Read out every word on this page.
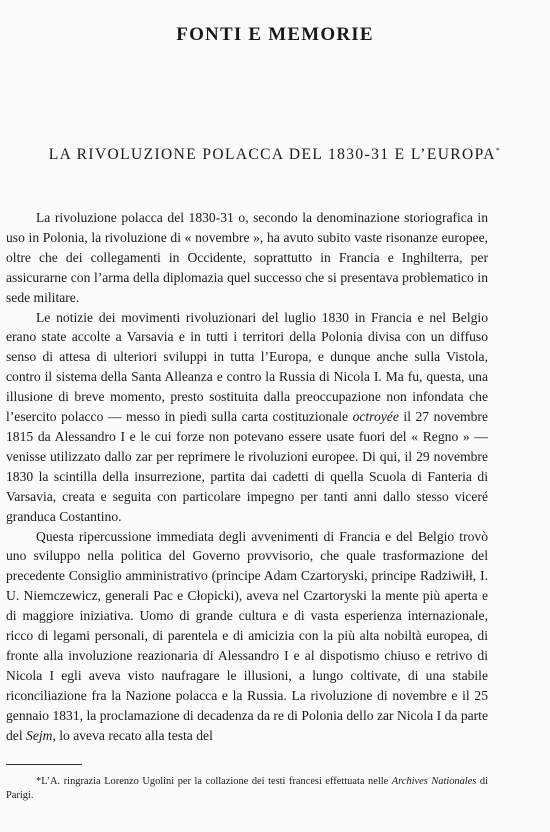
FONTI E MEMORIE
LA RIVOLUZIONE POLACCA DEL 1830-31 E L’EUROPA*

La rivoluzione polacca del 1830-31 o, secondo la denominazione storiografica in uso in Polonia, la rivoluzione di « novembre », ha avuto subito vaste risonanze europee, oltre che dei collegamenti in Occidente, soprattutto in Francia e Inghilterra, per assicurarne con l’arma della diplomazia quel successo che si presentava problematico in sede militare.

Le notizie dei movimenti rivoluzionari del luglio 1830 in Francia e nel Belgio erano state accolte a Varsavia e in tutti i territori della Polonia divisa con un diffuso senso di attesa di ulteriori sviluppi in tutta l’Europa, e dunque anche sulla Vistola, contro il sistema della Santa Alleanza e contro la Russia di Nicola I. Ma fu, questa, una illusione di breve momento, presto sostituita dalla preoccupazione non infondata che l’esercito polacco — messo in piedi sulla carta costituzionale octroyée il 27 novembre 1815 da Alessandro I e le cui forze non potevano essere usate fuori del « Regno » — venisse utilizzato dallo zar per reprimere le rivoluzioni europee. Di qui, il 29 novembre 1830 la scintilla della insurrezione, partita dai cadetti di quella Scuola di Fanteria di Varsavia, creata e seguita con particolare impegno per tanti anni dallo stesso viceré granduca Costantino.

Questa ripercussione immediata degli avvenimenti di Francia e del Belgio trovò uno sviluppo nella politica del Governo provvisorio, che quale trasformazione del precedente Consiglio amministrativo (principe Adam Czartoryski, principe Radziwiłł, I. U. Niemczewicz, generali Pac e Cłopicki), aveva nel Czartoryski la mente più aperta e di maggiore iniziativa. Uomo di grande cultura e di vasta esperienza internazionale, ricco di legami personali, di parentela e di amicizia con la più alta nobiltà europea, di fronte alla involuzione reazionaria di Alessandro I e al dispotismo chiuso e retrivo di Nicola I egli aveva visto naufragare le illusioni, a lungo coltivate, di una stabile riconciliazione fra la Nazione polacca e la Russia. La rivoluzione di novembre e il 25 gennaio 1831, la proclamazione di decadenza da re di Polonia dello zar Nicola I da parte del Sejm, lo aveva recato alla testa del

*L’A. ringrazia Lorenzo Ugolini per la collazione dei testi francesi effettuata nelle Archives Nationales di Parigi.
